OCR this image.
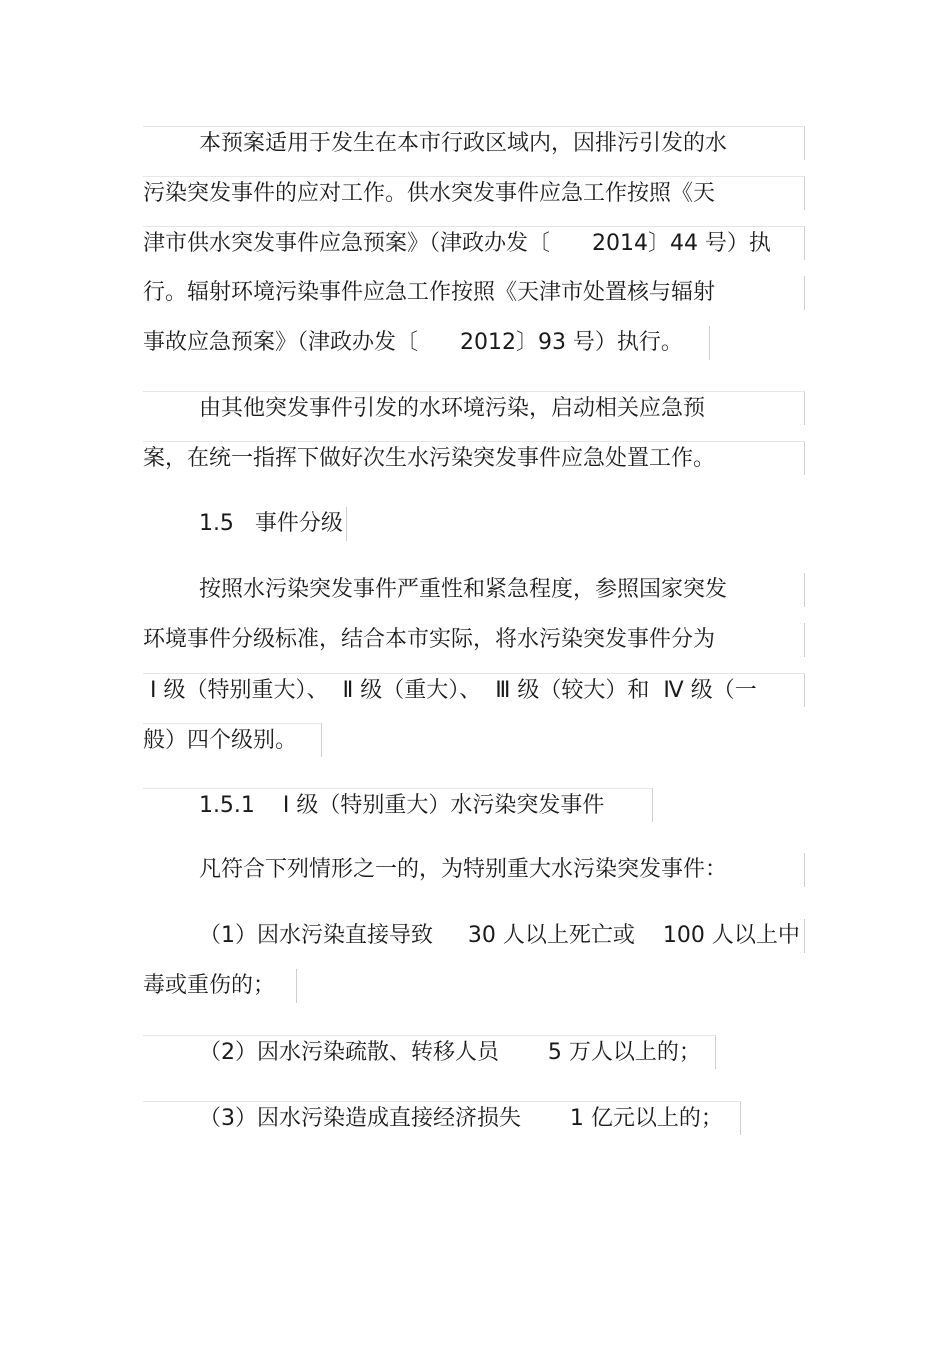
本预案适用于发生在本市行政区域内，因排污引发的水
污染突发事件的应对工作。供水突发事件应急工作按照《天
津市供水突发事件应急预案》（津政办发〔      2014〕44 号）执
行。辐射环境污染事件应急工作按照《天津市处置核与辐射
事故应急预案》（津政办发〔      2012〕93 号）执行。
由其他突发事件引发的水环境污染，启动相关应急预
案，在统一指挥下做好次生水污染突发事件应急处置工作。
1.5   事件分级
按照水污染突发事件严重性和紧急程度，参照国家突发
环境事件分级标准，结合本市实际，将水污染突发事件分为
Ⅰ 级（特别重大）、  Ⅱ 级（重大）、  Ⅲ 级（较大）和  Ⅳ 级（一
般）四个级别。
1.5.1    Ⅰ 级（特别重大）水污染突发事件
凡符合下列情形之一的，为特别重大水污染突发事件：
（1）因水污染直接导致     30 人以上死亡或    100 人以上中
毒或重伤的；
（2）因水污染疏散、转移人员       5 万人以上的；
（3）因水污染造成直接经济损失       1 亿元以上的；
